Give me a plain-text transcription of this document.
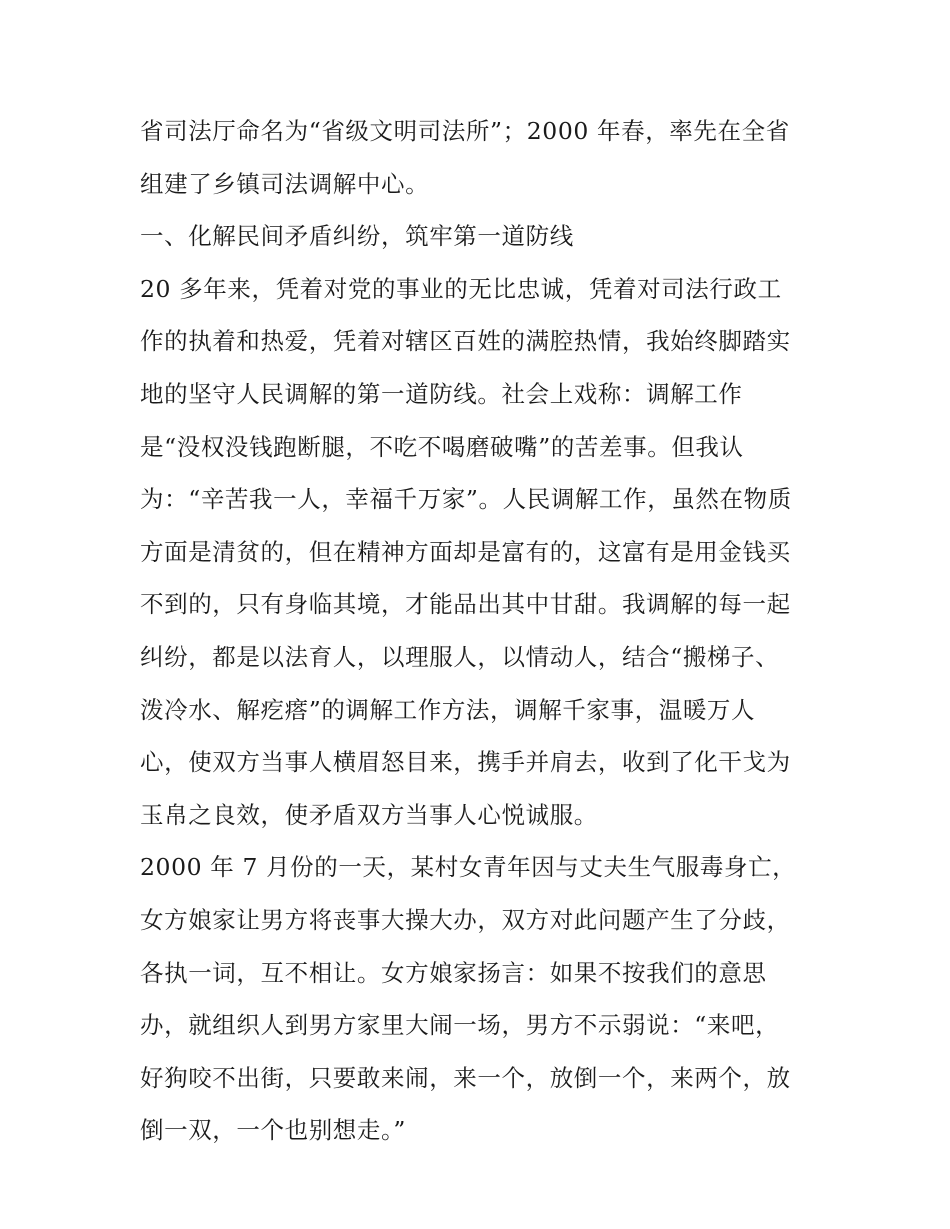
省司法厅命名为“省级文明司法所”；2000 年春，率先在全省
组建了乡镇司法调解中心。
一、化解民间矛盾纠纷，筑牢第一道防线
20 多年来，凭着对党的事业的无比忠诚，凭着对司法行政工
作的执着和热爱，凭着对辖区百姓的满腔热情，我始终脚踏实
地的坚守人民调解的第一道防线。社会上戏称：调解工作
是“没权没钱跑断腿，不吃不喝磨破嘴”的苦差事。但我认
为：“辛苦我一人，幸福千万家”。人民调解工作，虽然在物质
方面是清贫的，但在精神方面却是富有的，这富有是用金钱买
不到的，只有身临其境，才能品出其中甘甜。我调解的每一起
纠纷，都是以法育人，以理服人，以情动人，结合“搬梯子、
泼冷水、解疙瘩”的调解工作方法，调解千家事，温暖万人
心，使双方当事人横眉怒目来，携手并肩去，收到了化干戈为
玉帛之良效，使矛盾双方当事人心悦诚服。
2000 年 7 月份的一天，某村女青年因与丈夫生气服毒身亡，
女方娘家让男方将丧事大操大办，双方对此问题产生了分歧，
各执一词，互不相让。女方娘家扬言：如果不按我们的意思
办，就组织人到男方家里大闹一场，男方不示弱说：“来吧，
好狗咬不出街，只要敢来闹，来一个，放倒一个，来两个，放
倒一双，一个也别想走。”
